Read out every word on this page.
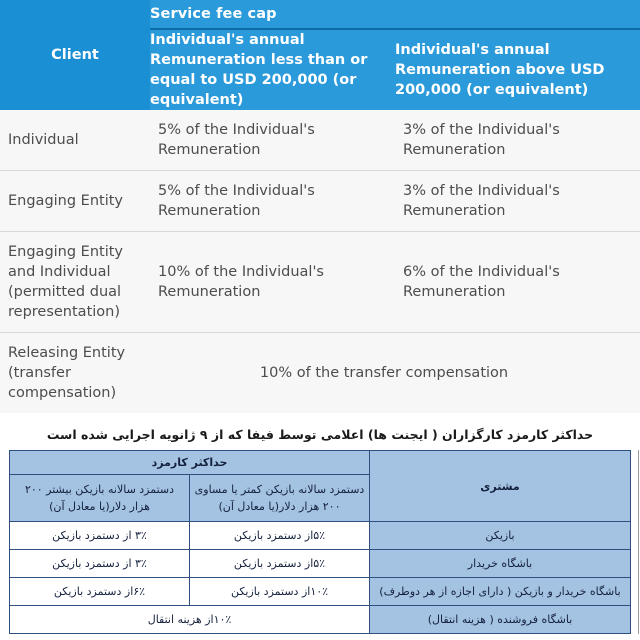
Client	Service fee cap	
	Individual's annual Remuneration less than or equal to USD 200,000 (or equivalent)	Individual's annual Remuneration above USD 200,000 (or equivalent)
Individual	5% of the Individual's Remuneration	3% of the Individual's Remuneration
Engaging Entity	5% of the Individual's Remuneration	3% of the Individual's Remuneration
Engaging Entity and Individual (permitted dual representation)	10% of the Individual's Remuneration	6% of the Individual's Remuneration
Releasing Entity (transfer compensation)	10% of the transfer compensation	
حداکثر کارمزد کارگزاران ( ایجنت ها) اعلامی توسط فیفا که از ۹ ژانویه اجرایی شده است
مشتری	حداکثر کارمزد	
	دستمزد سالانه بازیکن کمتر یا مساوی ۲۰۰ هزار دلار(یا معادل آن)	دستمزد سالانه بازیکن بیشتر ۲۰۰ هزار دلار(یا معادل آن)
بازیکن	۵٪از دستمزد بازیکن	۳٪ از دستمزد بازیکن
باشگاه خریدار	۵٪از دستمزد بازیکن	۳٪ از دستمزد بازیکن
باشگاه خریدار و بازیکن ( دارای اجازه از هر دوطرف)	۱۰٪از دستمزد بازیکن	۶٪از دستمزد بازیکن
باشگاه فروشنده ( هزینه انتقال)	۱۰٪از هزینه انتقال	
